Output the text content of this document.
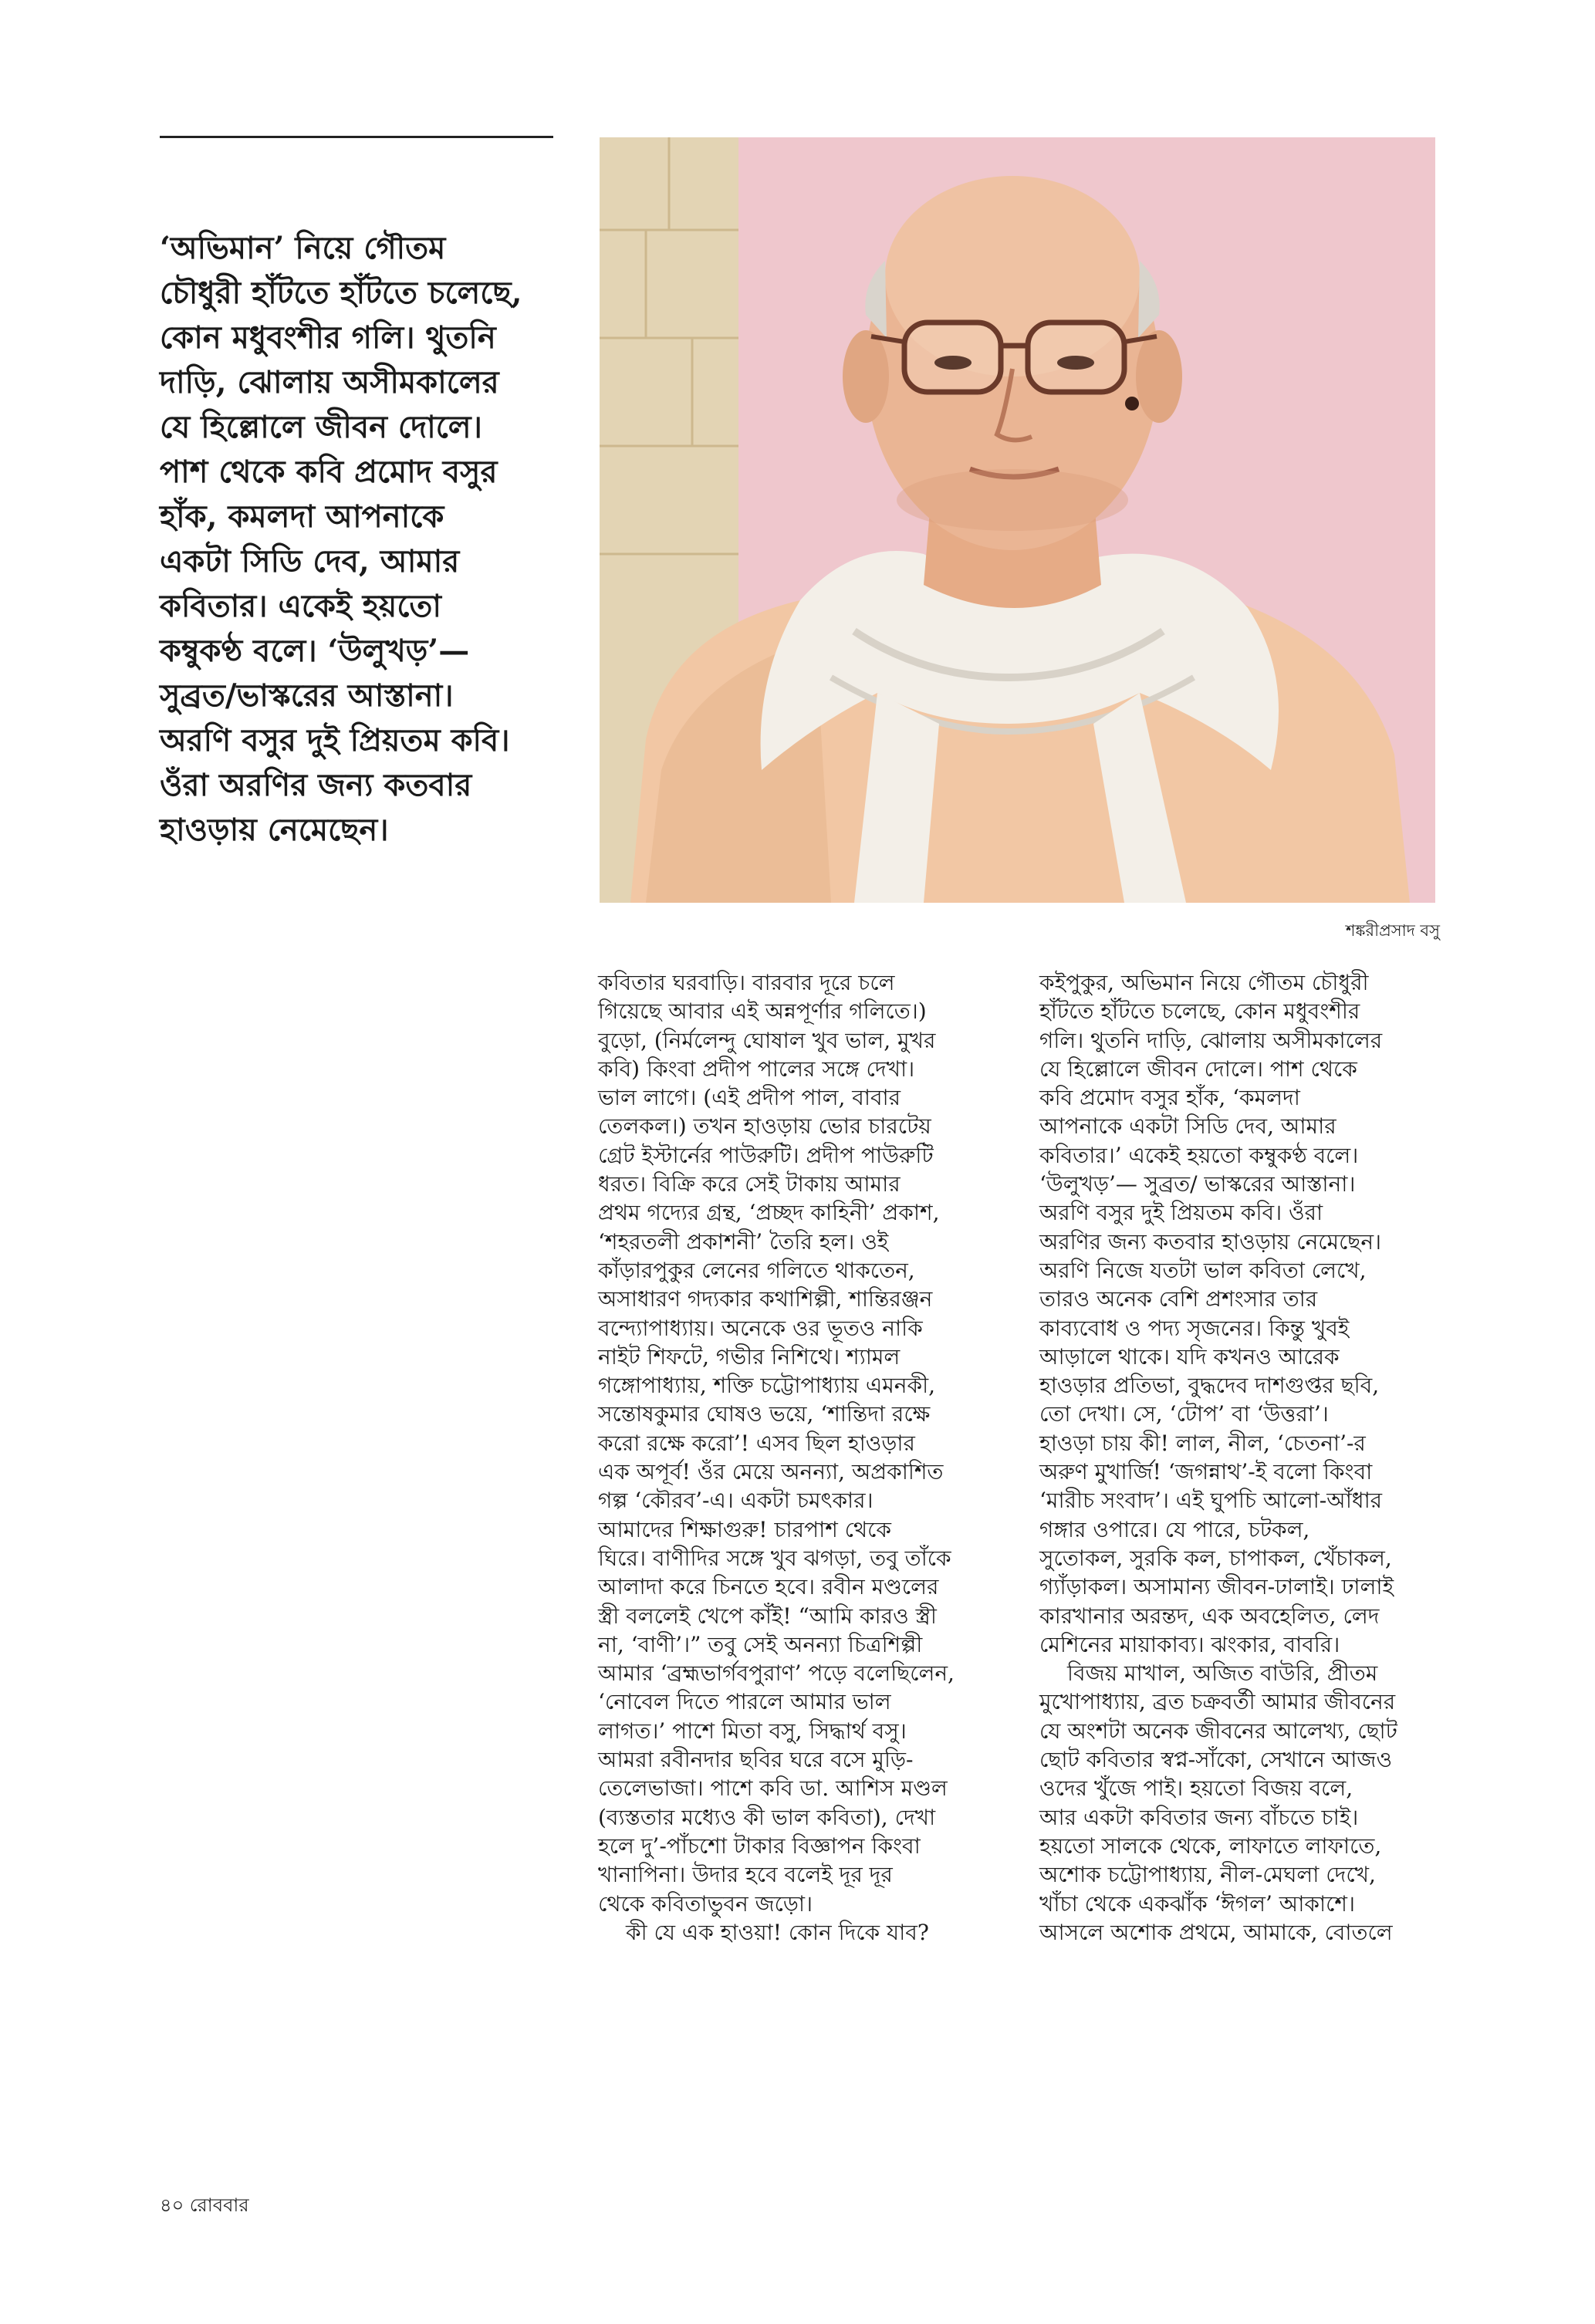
‘অভিমান’ নিয়ে গৌতম

চৌধুরী হাঁটতে হাঁটতে চলেছে,

কোন মধুবংশীর গলি। থুতনি

দাড়ি, ঝোলায় অসীমকালের

যে হিল্লোলে জীবন দোলে।

পাশ থেকে কবি প্রমোদ বসুর

হাঁক, কমলদা আপনাকে

একটা সিডি দেব, আমার

কবিতার। একেই হয়তো

কম্বুকণ্ঠ বলে। ‘উলুখড়’—

সুব্রত/ভাস্করের আস্তানা।

অরণি বসুর দুই প্রিয়তম কবি।

ওঁরা অরণির জন্য কতবার

হাওড়ায় নেমেছেন।

শঙ্করীপ্রসাদ বসু

কবিতার ঘরবাড়ি। বারবার দূরে চলে

গিয়েছে আবার এই অন্নপূর্ণার গলিতে।)

বুড়ো, (নির্মলেন্দু ঘোষাল খুব ভাল, মুখর

কবি) কিংবা প্রদীপ পালের সঙ্গে দেখা।

ভাল লাগে। (এই প্রদীপ পাল, বাবার

তেলকল।) তখন হাওড়ায় ভোর চারটেয়

গ্রেট ইস্টার্নের পাউরুটি। প্রদীপ পাউরুটি

ধরত। বিক্রি করে সেই টাকায় আমার

প্রথম গদ্যের গ্রন্থ, ‘প্রচ্ছদ কাহিনী’ প্রকাশ,

‘শহরতলী প্রকাশনী’ তৈরি হল। ওই

কাঁড়ারপুকুর লেনের গলিতে থাকতেন,

অসাধারণ গদ্যকার কথাশিল্পী, শান্তিরঞ্জন

বন্দ্যোপাধ্যায়। অনেকে ওর ভূতও নাকি

নাইট শিফটে, গভীর নিশিথে। শ্যামল

গঙ্গোপাধ্যায়, শক্তি চট্টোপাধ্যায় এমনকী,

সন্তোষকুমার ঘোষও ভয়ে, ‘শান্তিদা রক্ষে

করো রক্ষে করো’! এসব ছিল হাওড়ার

এক অপূর্ব! ওঁর মেয়ে অনন্যা, অপ্রকাশিত

গল্প ‘কৌরব’-এ। একটা চমৎকার।

আমাদের শিক্ষাগুরু! চারপাশ থেকে

ঘিরে। বাণীদির সঙ্গে খুব ঝগড়া, তবু তাঁকে

আলাদা করে চিনতে হবে। রবীন মণ্ডলের

স্ত্রী বললেই খেপে কাঁই! “আমি কারও স্ত্রী

না, ‘বাণী’।” তবু সেই অনন্যা চিত্রশিল্পী

আমার ‘ব্রহ্মভার্গবপুরাণ’ পড়ে বলেছিলেন,

‘নোবেল দিতে পারলে আমার ভাল

লাগত।’ পাশে মিতা বসু, সিদ্ধার্থ বসু।

আমরা রবীনদার ছবির ঘরে বসে মুড়ি-

তেলেভাজা। পাশে কবি ডা. আশিস মণ্ডল

(ব্যস্ততার মধ্যেও কী ভাল কবিতা), দেখা

হলে দু’-পাঁচশো টাকার বিজ্ঞাপন কিংবা

খানাপিনা। উদার হবে বলেই দূর দূর

থেকে কবিতাভুবন জড়ো।

কী যে এক হাওয়া! কোন দিকে যাব?

কইপুকুর, অভিমান নিয়ে গৌতম চৌধুরী

হাঁটতে হাঁটতে চলেছে, কোন মধুবংশীর

গলি। থুতনি দাড়ি, ঝোলায় অসীমকালের

যে হিল্লোলে জীবন দোলে। পাশ থেকে

কবি প্রমোদ বসুর হাঁক, ‘কমলদা

আপনাকে একটা সিডি দেব, আমার

কবিতার।’ একেই হয়তো কম্বুকণ্ঠ বলে।

‘উলুখড়’— সুব্রত/ ভাস্করের আস্তানা।

অরণি বসুর দুই প্রিয়তম কবি। ওঁরা

অরণির জন্য কতবার হাওড়ায় নেমেছেন।

অরণি নিজে যতটা ভাল কবিতা লেখে,

তারও অনেক বেশি প্রশংসার তার

কাব্যবোধ ও পদ্য সৃজনের। কিন্তু খুবই

আড়ালে থাকে। যদি কখনও আরেক

হাওড়ার প্রতিভা, বুদ্ধদেব দাশগুপ্তর ছবি,

তো দেখা। সে, ‘টোপ’ বা ‘উত্তরা’।

হাওড়া চায় কী! লাল, নীল, ‘চেতনা’-র

অরুণ মুখার্জি! ‘জগন্নাথ’-ই বলো কিংবা

‘মারীচ সংবাদ’। এই ঘুপচি আলো-আঁধার

গঙ্গার ওপারে। যে পারে, চটকল,

সুতোকল, সুরকি কল, চাপাকল, খেঁচাকল,

গ্যাঁড়াকল। অসামান্য জীবন-ঢালাই। ঢালাই

কারখানার অরন্তদ, এক অবহেলিত, লেদ

মেশিনের মায়াকাব্য। ঝংকার, বাবরি।

বিজয় মাখাল, অজিত বাউরি, প্রীতম

মুখোপাধ্যায়, ব্রত চক্রবর্তী আমার জীবনের

যে অংশটা অনেক জীবনের আলেখ্য, ছোট

ছোট কবিতার স্বপ্ন-সাঁকো, সেখানে আজও

ওদের খুঁজে পাই। হয়তো বিজয় বলে,

আর একটা কবিতার জন্য বাঁচতে চাই।

হয়তো সালকে থেকে, লাফাতে লাফাতে,

অশোক চট্টোপাধ্যায়, নীল-মেঘলা দেখে,

খাঁচা থেকে একঝাঁক ‘ঈগল’ আকাশে।

আসলে অশোক প্রথমে, আমাকে, বোতলে

৪০ রোববার
